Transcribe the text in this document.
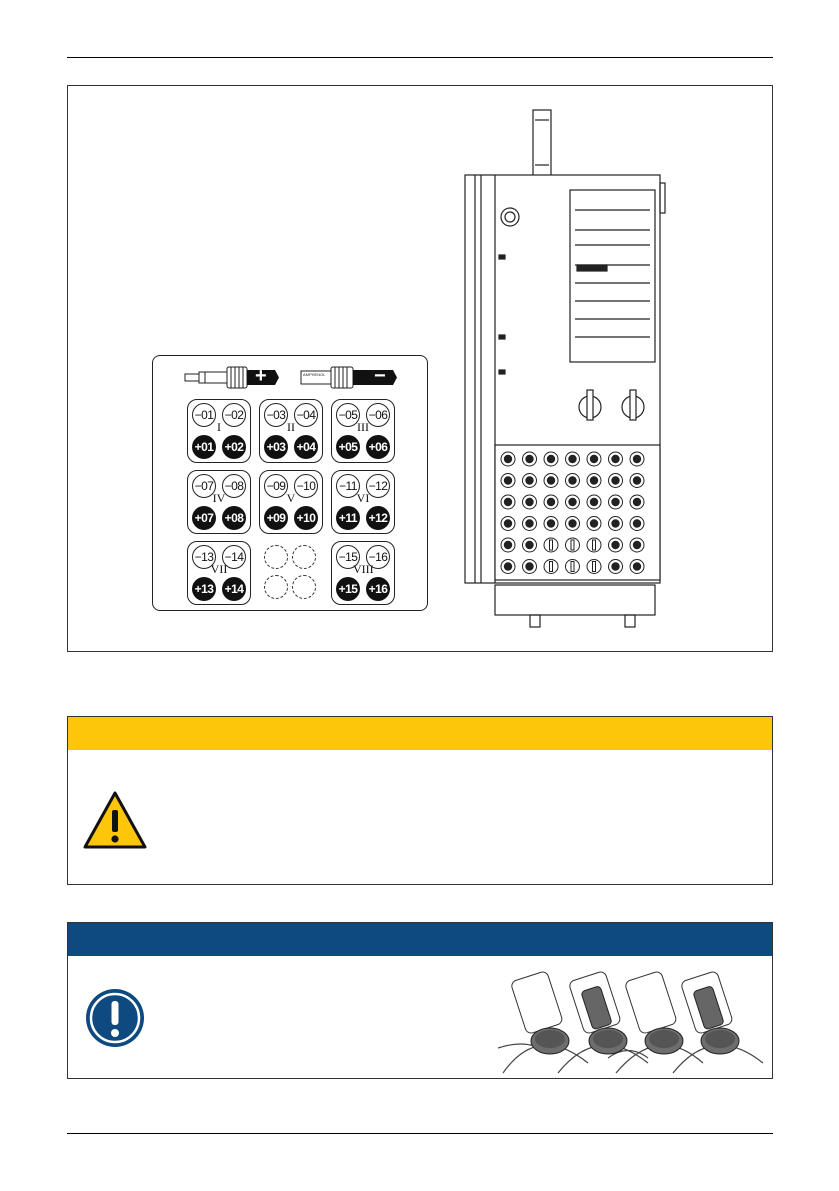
+	AMPHENOL −
−01 −02
+01 +02
I
−03 −04
+03 +04
II
−05 −06
+05 +06
III
−07 −08
+07 +08
IV
−09 −10
+09 +10
V
−11 −12
+11 +12
VI
−13 −14
+13 +14
VII
−15 −16
+15 +16
VIII
